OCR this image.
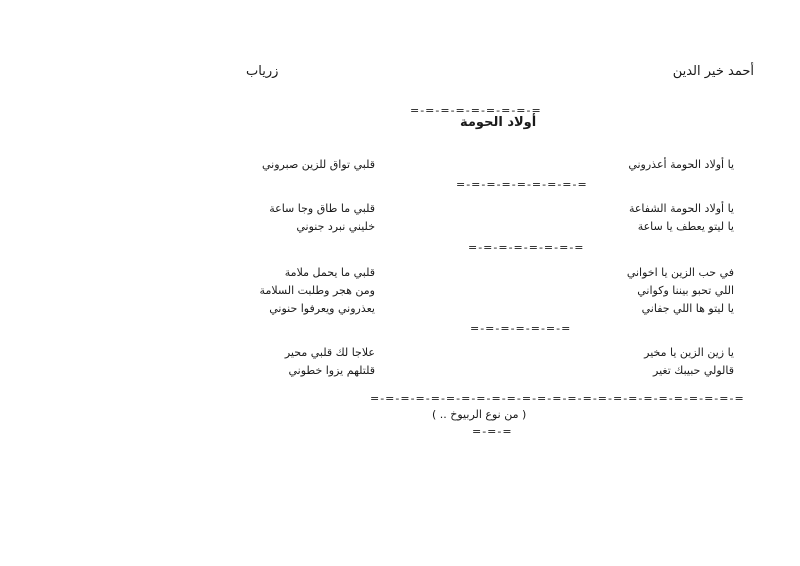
أحمد خير الدين
زرياب
=-=-=-=-=-=-=-=-=
أولاد الحومة
يا أولاد الحومة أعذروني
قلبي تواق للزين صبروني
=-=-=-=-=-=-=-=-=
يا أولاد الحومة الشفاعة
قلبي ما طاق وجا ساعة
يا ليتو يعطف يا ساعة
خليني نبرد جنوني
=-=-=-=-=-=-=-=
في حب الزين يا اخواني
قلبي ما يحمل ملامة
اللي تحبو بيننا وكواني
ومن هجر وطلبت السلامة
يا ليتو ها اللي جفاني
يعذروني ويعرفوا حنوني
=-=-=-=-=-=-=
يا زين الزين يا مخير
علاجا لك قلبي محير
قالولي حبيبك تغير
قلتلهم يزوا خطوني
=-=-=-=-=-=-=-=-=-=-=-=-=-=-=-=-=-=-=-=-=-=-=-=-=
( من نوع الربيوخ .. )
=-=-=
